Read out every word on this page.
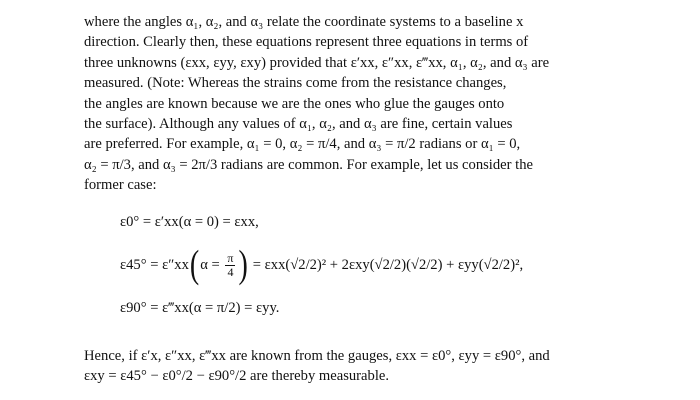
where the angles α₁, α₂, and α₃ relate the coordinate systems to a baseline x
direction. Clearly then, these equations represent three equations in terms of
three unknowns (εxx, εyy, εxy) provided that ε′xx, ε″xx, ε‴xx, α₁, α₂, and α₃ are
measured. (Note: Whereas the strains come from the resistance changes,
the angles are known because we are the ones who glue the gauges onto
the surface). Although any values of α₁, α₂, and α₃ are fine, certain values
are preferred. For example, α₁ = 0, α₂ = π/4, and α₃ = π/2 radians or α₁ = 0,
α₂ = π/3, and α₃ = 2π/3 radians are common. For example, let us consider the
former case:
ε0° = ε′xx(α = 0) = εxx,
ε45° = ε″xx ( $\alpha = \frac{\pi}{4}$ ) = εxx(√2/2)² + 2εxy(√2/2)(√2/2) + εyy(√2/2)²,
ε90° = ε‴xx(α = π/2) = εyy.
Hence, if ε′x, ε″xx, ε‴xx are known from the gauges, εxx = ε0°, εyy = ε90°, and
εxy = ε45° − ε0°/2 − ε90°/2 are thereby measurable.
